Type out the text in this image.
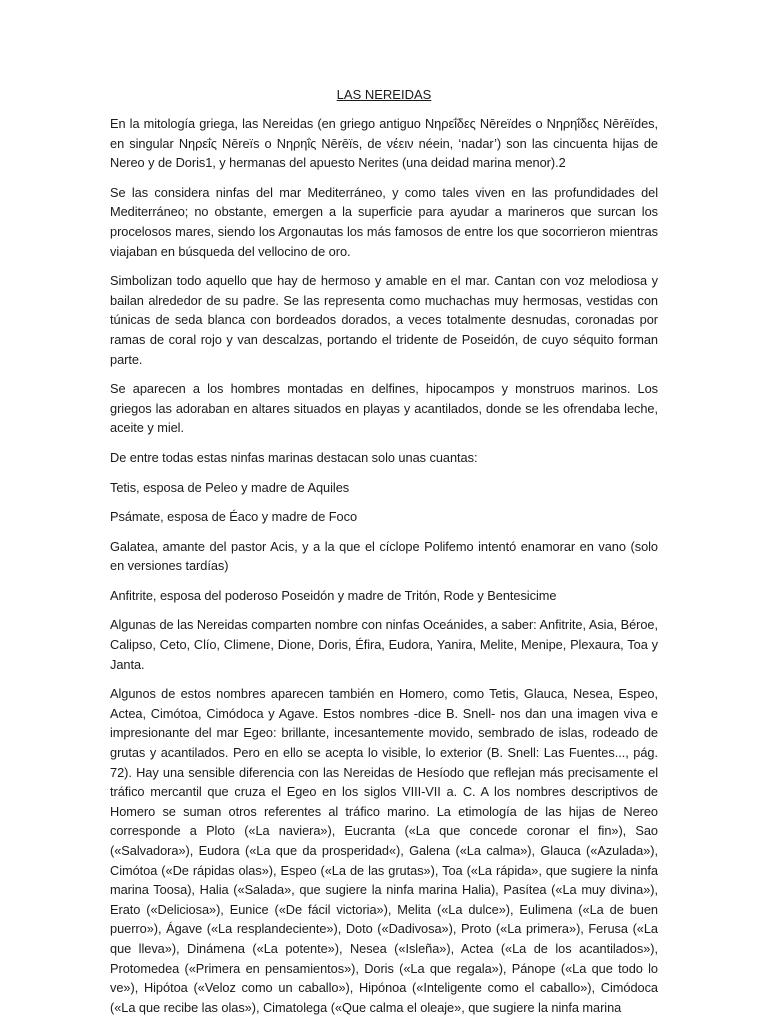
LAS NEREIDAS

En la mitología griega, las Nereidas (en griego antiguo Νηρεΐδες Nēreïdes o Νηρηΐδες Nērēïdes, en singular Νηρεΐς Nēreïs o Νηρηΐς Nērēïs, de νέειν néein, ‘nadar’) son las cincuenta hijas de Nereo y de Doris1, y hermanas del apuesto Nerites (una deidad marina menor).2

Se las considera ninfas del mar Mediterráneo, y como tales viven en las profundidades del Mediterráneo; no obstante, emergen a la superficie para ayudar a marineros que surcan los procelosos mares, siendo los Argonautas los más famosos de entre los que socorrieron mientras viajaban en búsqueda del vellocino de oro.

Simbolizan todo aquello que hay de hermoso y amable en el mar. Cantan con voz melodiosa y bailan alrededor de su padre. Se las representa como muchachas muy hermosas, vestidas con túnicas de seda blanca con bordeados dorados, a veces totalmente desnudas, coronadas por ramas de coral rojo y van descalzas, portando el tridente de Poseidón, de cuyo séquito forman parte.

Se aparecen a los hombres montadas en delfines, hipocampos y monstruos marinos. Los griegos las adoraban en altares situados en playas y acantilados, donde se les ofrendaba leche, aceite y miel.

De entre todas estas ninfas marinas destacan solo unas cuantas:

Tetis, esposa de Peleo y madre de Aquiles

Psámate, esposa de Éaco y madre de Foco

Galatea, amante del pastor Acis, y a la que el cíclope Polifemo intentó enamorar en vano (solo en versiones tardías)

Anfitrite, esposa del poderoso Poseidón y madre de Tritón, Rode y Bentesicime

Algunas de las Nereidas comparten nombre con ninfas Oceánides, a saber: Anfitrite, Asia, Béroe, Calipso, Ceto, Clío, Climene, Dione, Doris, Éfira, Eudora, Yanira, Melite, Menipe, Plexaura, Toa y Janta.

Algunos de estos nombres aparecen también en Homero, como Tetis, Glauca, Nesea, Espeo, Actea, Cimótoa, Cimódoca y Agave. Estos nombres -dice B. Snell- nos dan una imagen viva e impresionante del mar Egeo: brillante, incesantemente movido, sembrado de islas, rodeado de grutas y acantilados. Pero en ello se acepta lo visible, lo exterior (B. Snell: Las Fuentes..., pág. 72). Hay una sensible diferencia con las Nereidas de Hesíodo que reflejan más precisamente el tráfico mercantil que cruza el Egeo en los siglos VIII-VII a. C. A los nombres descriptivos de Homero se suman otros referentes al tráfico marino. La etimología de las hijas de Nereo corresponde a Ploto («La naviera»), Eucranta («La que concede coronar el fin»), Sao («Salvadora»), Eudora («La que da prosperidad«), Galena («La calma»), Glauca («Azulada»), Cimótoa («De rápidas olas»), Espeo («La de las grutas»), Toa («La rápida», que sugiere la ninfa marina Toosa), Halia («Salada», que sugiere la ninfa marina Halia), Pasítea («La muy divina»), Erato («Deliciosa»), Eunice («De fácil victoria»), Melita («La dulce»), Eulimena («La de buen puerro»), Ágave («La resplandeciente»), Doto («Dadivosa»), Proto («La primera»), Ferusa («La que lleva»), Dinámena («La potente»), Nesea («Isleña»), Actea («La de los acantilados»), Protomedea («Primera en pensamientos»), Doris («La que regala»), Pánope («La que todo lo ve»), Hipótoa («Veloz como un caballo»), Hipónoa («Inteligente como el caballo»), Cimódoca («La que recibe las olas»), Cimatolega («Que calma el oleaje», que sugiere la ninfa marina
